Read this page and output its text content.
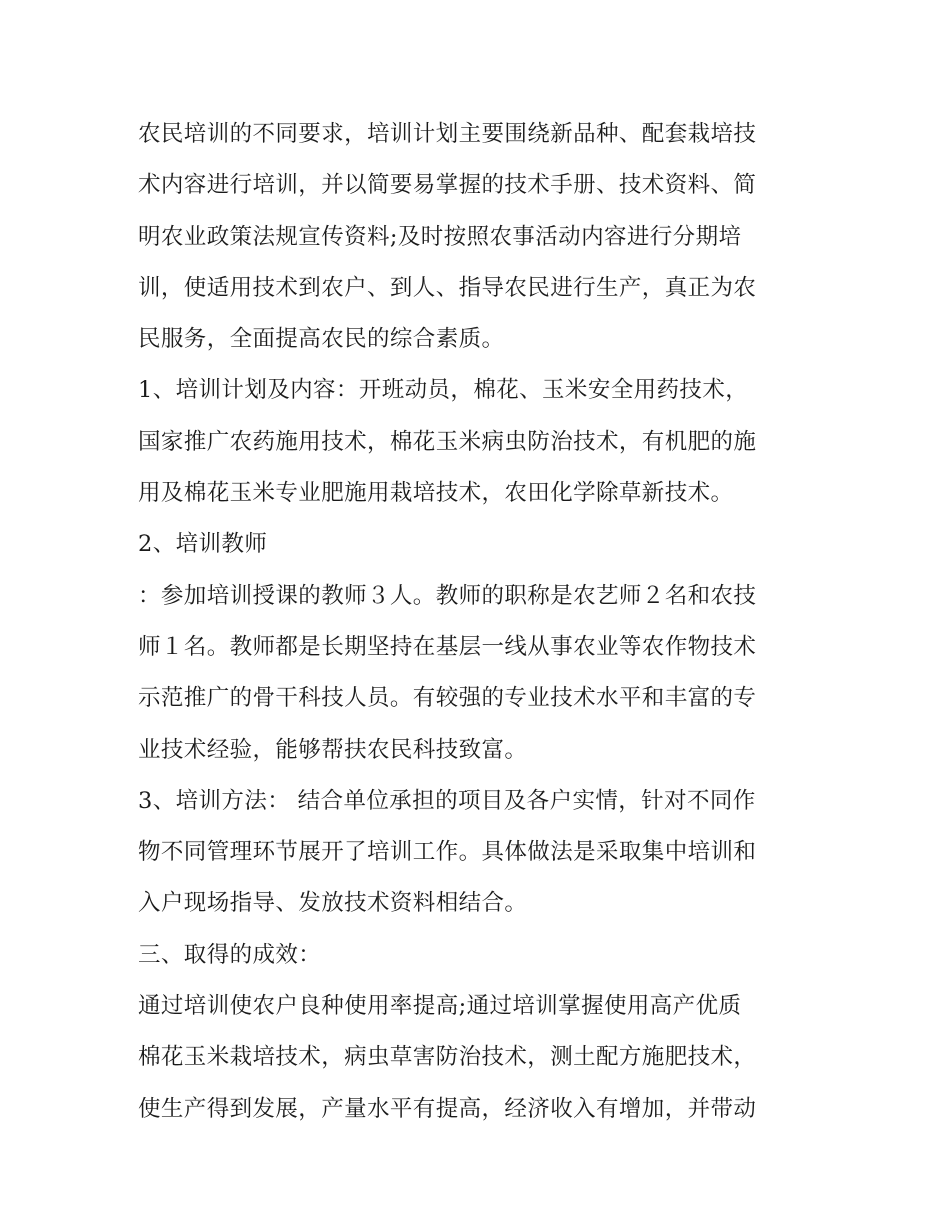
农民培训的不同要求，培训计划主要围绕新品种、配套栽培技
术内容进行培训，并以简要易掌握的技术手册、技术资料、简
明农业政策法规宣传资料;及时按照农事活动内容进行分期培
训，使适用技术到农户、到人、指导农民进行生产，真正为农
民服务，全面提高农民的综合素质。
1、培训计划及内容：开班动员，棉花、玉米安全用药技术，
国家推广农药施用技术，棉花玉米病虫防治技术，有机肥的施
用及棉花玉米专业肥施用栽培技术，农田化学除草新技术。
2、培训教师
：参加培训授课的教师３人。教师的职称是农艺师２名和农技
师１名。教师都是长期坚持在基层一线从事农业等农作物技术
示范推广的骨干科技人员。有较强的专业技术水平和丰富的专
业技术经验，能够帮扶农民科技致富。
3、培训方法： 结合单位承担的项目及各户实情，针对不同作
物不同管理环节展开了培训工作。具体做法是采取集中培训和
入户现场指导、发放技术资料相结合。
三、取得的成效：
通过培训使农户良种使用率提高;通过培训掌握使用高产优质
棉花玉米栽培技术，病虫草害防治技术，测土配方施肥技术，
使生产得到发展，产量水平有提高，经济收入有增加，并带动
